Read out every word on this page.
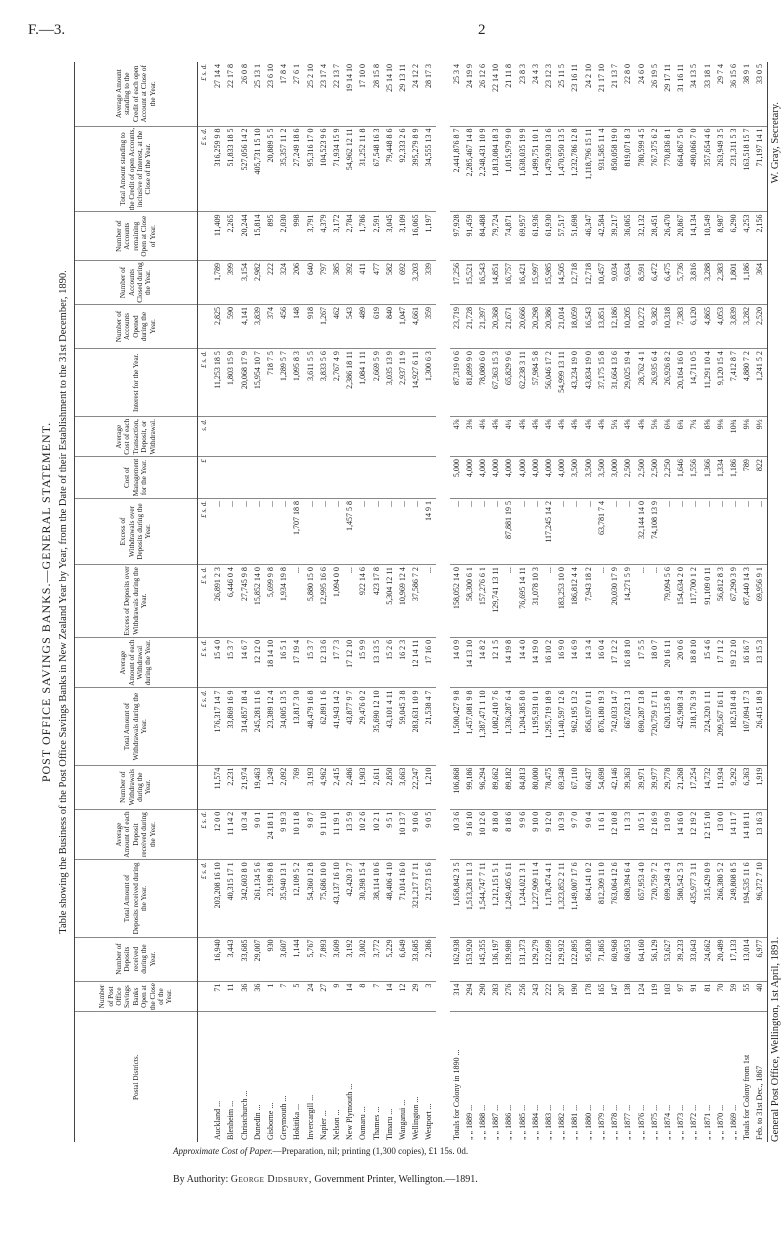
F.—3.	2
POST OFFICE SAVINGS BANKS.—GENERAL STATEMENT. Table showing the Business of the Post Office Savings Banks in New Zealand Year by Year, from the Date of their Establishment to the 31st December, 1890.
Postal Districts.	Number of Post Office Savings Banks Open at the Close of the Year.	Number of Deposits received during the Year.	Total Amount of Deposits received during the Year.	Average Amount of each Deposit received during the Year.	Number of Withdrawals during the Year.	Total Amount of Withdrawals during the Year.	Average Amount of each Withdrawal during the Year.	Excess of Deposits over Withdrawals during the Year.	Excess of Withdrawals over Deposits during the Year.	Cost of Management for the Year.	Average Cost of each Transaction, Deposit, or Withdrawal.	Interest for the Year.	Number of Accounts Opened during the Year.	Number of Accounts Closed during the Year.	Number of Accounts remaining Open at Close of Year.	Total Amount standing to the Credit of open Accounts, inclusive of Interest, at the Close of the Year.	Average Amount standing to the Credit of each open Account at Close of the Year.
			£ s. d.	£ s. d.		£ s. d.	£ s. d.	£ s. d.	£ s. d.	£	s. d.	£ s. d.				£ s. d.	£ s. d.
Auckland ...	71	16,940	203,208 16 10	12 0 0	11,574	176,317 14 7	15 4 0	26,891 2 3	...			11,253 18 5	2,825	1,789	11,409	316,259 9 8	27 14 4
Blenheim ...	11	3,443	40,315 17 1	11 14 2	2,231	33,869 16 9	15 3 7	6,446 0 4	...			1,803 15 9	590	399	2,265	51,833 18 5	22 17 8
Christchurch ...	36	33,685	342,603 8 0	10 3 4	21,974	314,857 18 4	14 6 7	27,745 9 8	...			20,068 17 9	4,141	3,154	20,244	527,056 14 2	26 0 8
Dunedin ...	36	29,007	261,134 5 6	9 0 1	19,463	245,281 11 6	12 12 0	15,852 14 0	...			15,954 10 7	3,839	2,982	15,814	405,731 15 10	25 13 1
Gisborne ...	1	930	23,199 8 8	24 18 11	1,249	23,389 12 4	18 14 10	5,699 9 8	...			718 7 5	374	222	895	20,889 5 5	23 6 10
Greymouth ...	7	3,607	35,940 13 1	9 19 3	2,092	34,005 13 5	16 5 1	1,934 19 8	...			1,289 5 7	456	324	2,030	35,357 11 2	17 8 4
Hokitika ...	5	1,144	12,109 5 2	10 11 8	769	13,817 3 0	17 19 4	...	1,707 18 8			1,095 8 3	148	206	998	27,249 18 6	27 6 1
Invercargill ...	24	5,767	54,360 12 8	9 8 7	3,193	48,479 16 8	15 3 7	5,880 15 0	...			3,611 5 5	918	640	3,791	95,316 17 0	25 2 10
Napier ...	27	7,893	75,686 10 0	9 11 10	4,962	62,891 1 6	12 13 6	12,995 16 6	...			3,833 5 6	1,267	797	4,379	104,523 9 6	23 17 4
Nelson ...	9	3,609	43,137 16 10	11 19 1	2,415	41,943 14 2	17 7 3	1,094 0 0	...			2,767 4 9	462	385	3,172	71,934 15 9	22 13 7
New Plymouth ...	14	3,192	42,420 3 7	13 5 9	2,486	43,877 9 7	17 12 10	...	1,457 5 8			2,386 18 11	543	392	2,784	54,962 12 11	19 14 10
Oamaru ...	8	3,002	30,398 15 4	10 2 6	1,903	29,476 0 2	15 9 9	922 14 6	...			1,084 1 11	489	411	1,786	31,252 11 8	17 10 0
Thames ...	7	3,772	38,114 10 6	10 2 1	2,611	35,690 12 10	13 13 5	423 17 8	...			2,669 5 9	619	477	2,591	67,548 16 3	28 15 8
Timaru ...	14	5,229	48,406 4 10	9 5 1	2,850	43,101 4 11	15 2 6	5,304 12 11	...			3,035 13 9	840	582	3,045	79,448 8 6	25 14 10
Wanganui ...	12	6,649	71,014 16 0	10 13 7	3,663	59,045 3 8	16 2 3	10,969 12 4	...			2,937 11 9	1,047	692	3,109	92,333 2 6	29 13 11
Wellington ...	29	33,685	321,217 17 11	9 10 6	22,247	283,631 10 9	12 14 11	37,586 7 2	...			14,927 6 11	4,661	3,203	16,065	395,279 8 9	24 12 2
Westport ...	3	2,386	21,573 15 6	9 0 5	1,210	21,538 4 7	17 16 0	...	14 9 1			1,300 6 3	359	339	1,197	34,555 13 4	28 17 3

Totals for Colony in 1890 ...	314	162,938	1,658,842 3 5	10 3 6	106,868	1,500,427 9 8	14 0 9	158,052 14 0	...	5,000	4⅞	87,319 0 6	23,719	17,256	97,928	2,441,876 8 7	25 3 4
„ „ 1889 ...	294	153,920	1,513,281 11 3	9 16 10	99,186	1,457,081 9 8	14 13 10	58,300 6 1	...	4,000	3⅜	81,899 9 0	21,728	15,521	91,459	2,285,467 14 8	24 19 9
„ „ 1888 ...	290	145,355	1,544,747 7 11	10 12 6	96,294	1,387,471 1 10	14 8 2	157,276 6 1	...	4,000	4⅛	78,080 6 0	21,397	16,543	84,488	2,248,431 10 9	26 12 6
„ „ 1887 ...	283	136,197	1,212,151 5 1	8 18 0	89,662	1,082,410 7 6	12 1 5	129,741 13 11	...	4,000	4⅝	67,363 15 3	20,368	14,851	79,724	1,813,084 18 3	22 14 10
„ „ 1886 ...	276	139,989	1,249,405 6 11	8 18 6	89,182	1,336,287 6 4	14 19 8	...	87,881 19 5	4,000	4¼	65,829 9 6	21,671	16,757	74,871	1,015,979 9 0	21 11 8
„ „ 1885 ...	256	131,373	1,244,021 3 1	9 9 6	84,813	1,204,385 8 0	14 4 0	76,695 14 11	...	4,000	4⅝	62,238 3 11	20,666	16,421	69,957	1,638,035 19 9	23 8 3
„ „ 1884 ...	243	129,279	1,227,909 11 4	9 10 0	80,000	1,195,931 0 1	14 19 0	31,078 10 3	...	4,000	4⅝	57,984 5 8	20,298	15,997	61,936	1,499,751 10 1	24 4 3
„ „ 1883 ...	222	122,699	1,178,474 4 1	9 12 0	78,475	1,295,719 18 9	16 10 2	...	117,245 14 2	4,000	4⅝	56,046 17 2	20,386	15,985	61,930	1,479,930 13 6	23 12 3
„ „ 1882 ...	207	129,932	1,323,852 2 11	10 3 9	69,348	1,140,597 12 6	16 9 0	183,253 10 0	...	4,000	4⅝	54,999 13 11	21,014	14,505	57,517	1,470,950 13 5	25 11 5
„ „ 1881 ...	190	122,895	1,149,007 17 6	9 7 0	67,110	962,195 13 2	14 6 9	186,812 4 4	...	3,500	4⅝	43,234 19 0	18,059	12,718	51,698	1,232,786 12 8	23 16 11
„ „ 1880 ...	178	95,830	864,141 0 2	9 0 4	60,437	856,197 0 11	14 3 4	7,943 18 2	...	3,500	4⅝	43,834 19 0	16,543	12,718	46,347	1,118,796 15 11	24 2 10
„ „ 1879 ...	165	71,865	812,309 11 0	11 6 1	54,698	876,180 19 3	16 0 4	...	63,781 7 4	3,500	4⅝	37,175 15 8	13,851	10,457	42,584	931,585 11 4	21 17 10
„ „ 1878 ...	147	60,968	763,064 12 6	12 10 8	42,146	742,033 14 7	17 12 2	20,030 17 9	...	3,000	5¼	31,664 13 6	12,186	9,034	39,217	850,058 19 0	21 13 7
„ „ 1877 ...	138	60,953	680,394 6 4	11 3 3	39,363	667,023 1 3	16 18 10	14,271 5 9	...	2,500	4⅝	29,025 19 4	10,205	9,634	36,065	819,071 8 3	22 8 0
„ „ 1876 ...	124	64,160	657,953 4 0	10 5 1	39,971	690,287 13 8	17 5 5	...	32,144 14 0	2,500	4⅝	28,762 4 1	10,272	8,591	32,132	780,599 4 5	24 6 0
„ „ 1875 ...	119	56,129	720,759 7 2	12 16 9	39,977	720,759 17 11	18 0 7	...	74,108 13 9	2,500	5⅛	26,935 6 4	9,382	6,472	28,451	767,375 6 2	26 19 5
„ „ 1874 ...	103	53,627	699,249 4 3	13 0 9	29,778	620,135 8 9	20 16 11	79,094 5 6	...	2,250	6⅛	26,926 8 2	10,318	6,475	26,470	770,836 8 1	29 17 11
„ „ 1873 ...	97	39,233	580,542 5 3	14 16 0	21,268	425,908 3 4	20 0 6	154,634 2 0	...	1,646	6¾	20,164 16 0	7,383	5,736	20,867	664,867 5 0	31 16 11
„ „ 1872 ...	91	33,643	435,977 3 11	12 19 2	17,254	318,176 3 9	18 8 10	117,700 1 2	...	1,556	7¼	14,711 0 5	6,120	3,816	14,134	490,066 7 0	34 13 5
„ „ 1871 ...	81	24,662	315,429 0 9	12 15 10	14,732	224,320 1 11	15 4 6	91,109 0 11	...	1,366	8⅝	11,291 10 4	4,865	3,288	10,549	357,654 4 6	33 18 1
„ „ 1870 ...	70	20,489	266,380 5 2	13 0 0	11,934	209,567 16 11	17 11 2	56,812 8 3	...	1,334	9⅛	9,120 15 4	4,053	2,383	8,987	263,949 3 5	29 7 4
„ „ 1869 ...	59	17,133	249,808 8 5	14 11 7	9,292	182,518 4 8	19 12 10	67,290 3 9	...	1,186	10¾	7,412 8 7	3,839	1,801	6,290	231,311 5 3	36 15 6
Totals for Colony from 1st	55	13,014	194,535 11 6	14 18 11	6,363	107,094 17 3	16 16 7	87,440 14 3	...	789	9⅛	4,880 7 2	3,282	1,186	4,253	163,518 15 7	38 9 1
Feb. to 31st Dec., 1867	40	6,977	96,372 7 10	13 16 3	1,919	26,415 18 9	13 15 3	69,956 9 1	...	822	9½	1,241 5 2	2,520	364	2,156	71,197 14 1	33 0 5
General Post Office, Wellington, 1st April, 1891.
W. Gray, Secretary.
Approximate Cost of Paper.—Preparation, nil; printing (1,300 copies), £1 15s. 0d.
By Authority: George Didsbury, Government Printer, Wellington.—1891.
